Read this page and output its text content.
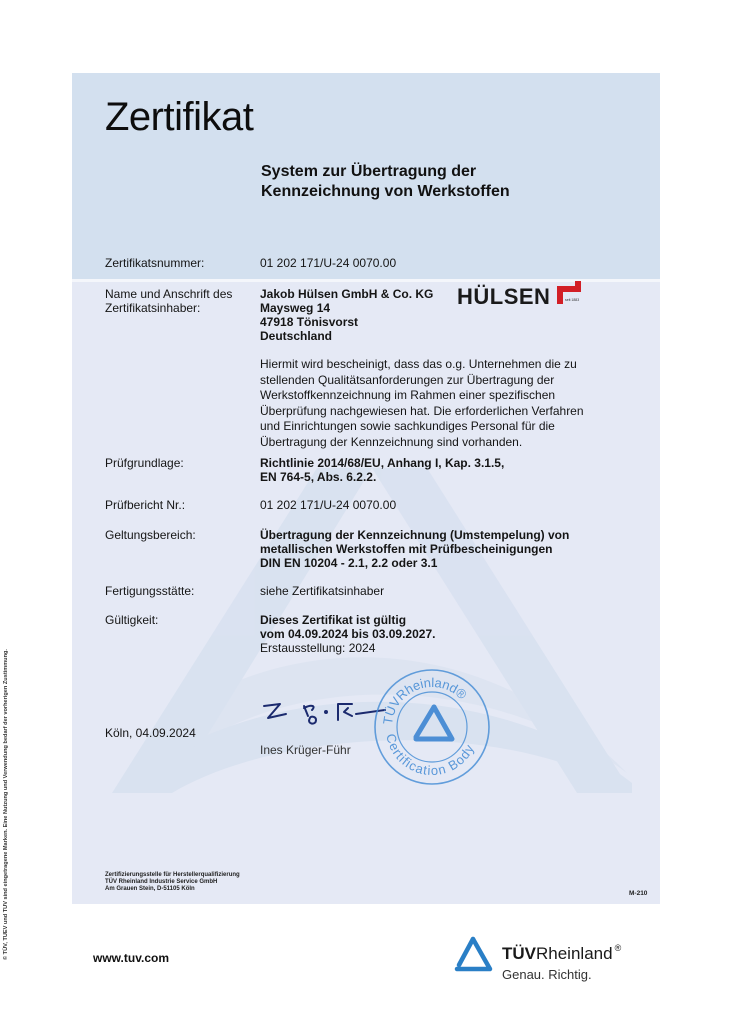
Zertifikat
System zur Übertragung der
Kennzeichnung von Werkstoffen
Zertifikatsnummer:	01 202 171/U-24 0070.00
Name und Anschrift des
Zertifikatsinhaber:
Jakob Hülsen GmbH & Co. KG
Maysweg 14
47918 Tönisvorst
Deutschland
HÜLSEN	seit 1883
Hiermit wird bescheinigt, dass das o.g. Unternehmen die zu
stellenden Qualitätsanforderungen zur Übertragung der
Werkstoffkennzeichnung im Rahmen einer spezifischen
Überprüfung nachgewiesen hat. Die erforderlichen Verfahren
und Einrichtungen sowie sachkundiges Personal für die
Übertragung der Kennzeichnung sind vorhanden.
Prüfgrundlage:	Richtlinie 2014/68/EU, Anhang I, Kap. 3.1.5,
EN 764-5, Abs. 6.2.2.
Prüfbericht Nr.:	01 202 171/U-24 0070.00
Geltungsbereich:	Übertragung der Kennzeichnung (Umstempelung) von
metallischen Werkstoffen mit Prüfbescheinigungen
DIN EN 10204 - 2.1, 2.2 oder 3.1
Fertigungsstätte:	siehe Zertifikatsinhaber
Gültigkeit:	Dieses Zertifikat ist gültig
vom 04.09.2024 bis 03.09.2027.
Erstausstellung: 2024
Köln, 04.09.2024
Ines Krüger-Führ
TÜVRheinland®
Certification Body
Zertifizierungsstelle für Herstellerqualifizierung
TÜV Rheinland Industrie Service GmbH
Am Grauen Stein, D-51105 Köln
M-210
© TÜV, TUEV und TUV sind eingetragene Marken. Eine Nutzung und Verwendung bedarf der vorherigen Zustimmung.	www.tuv.com	TÜVRheinland ®
Genau. Richtig.
